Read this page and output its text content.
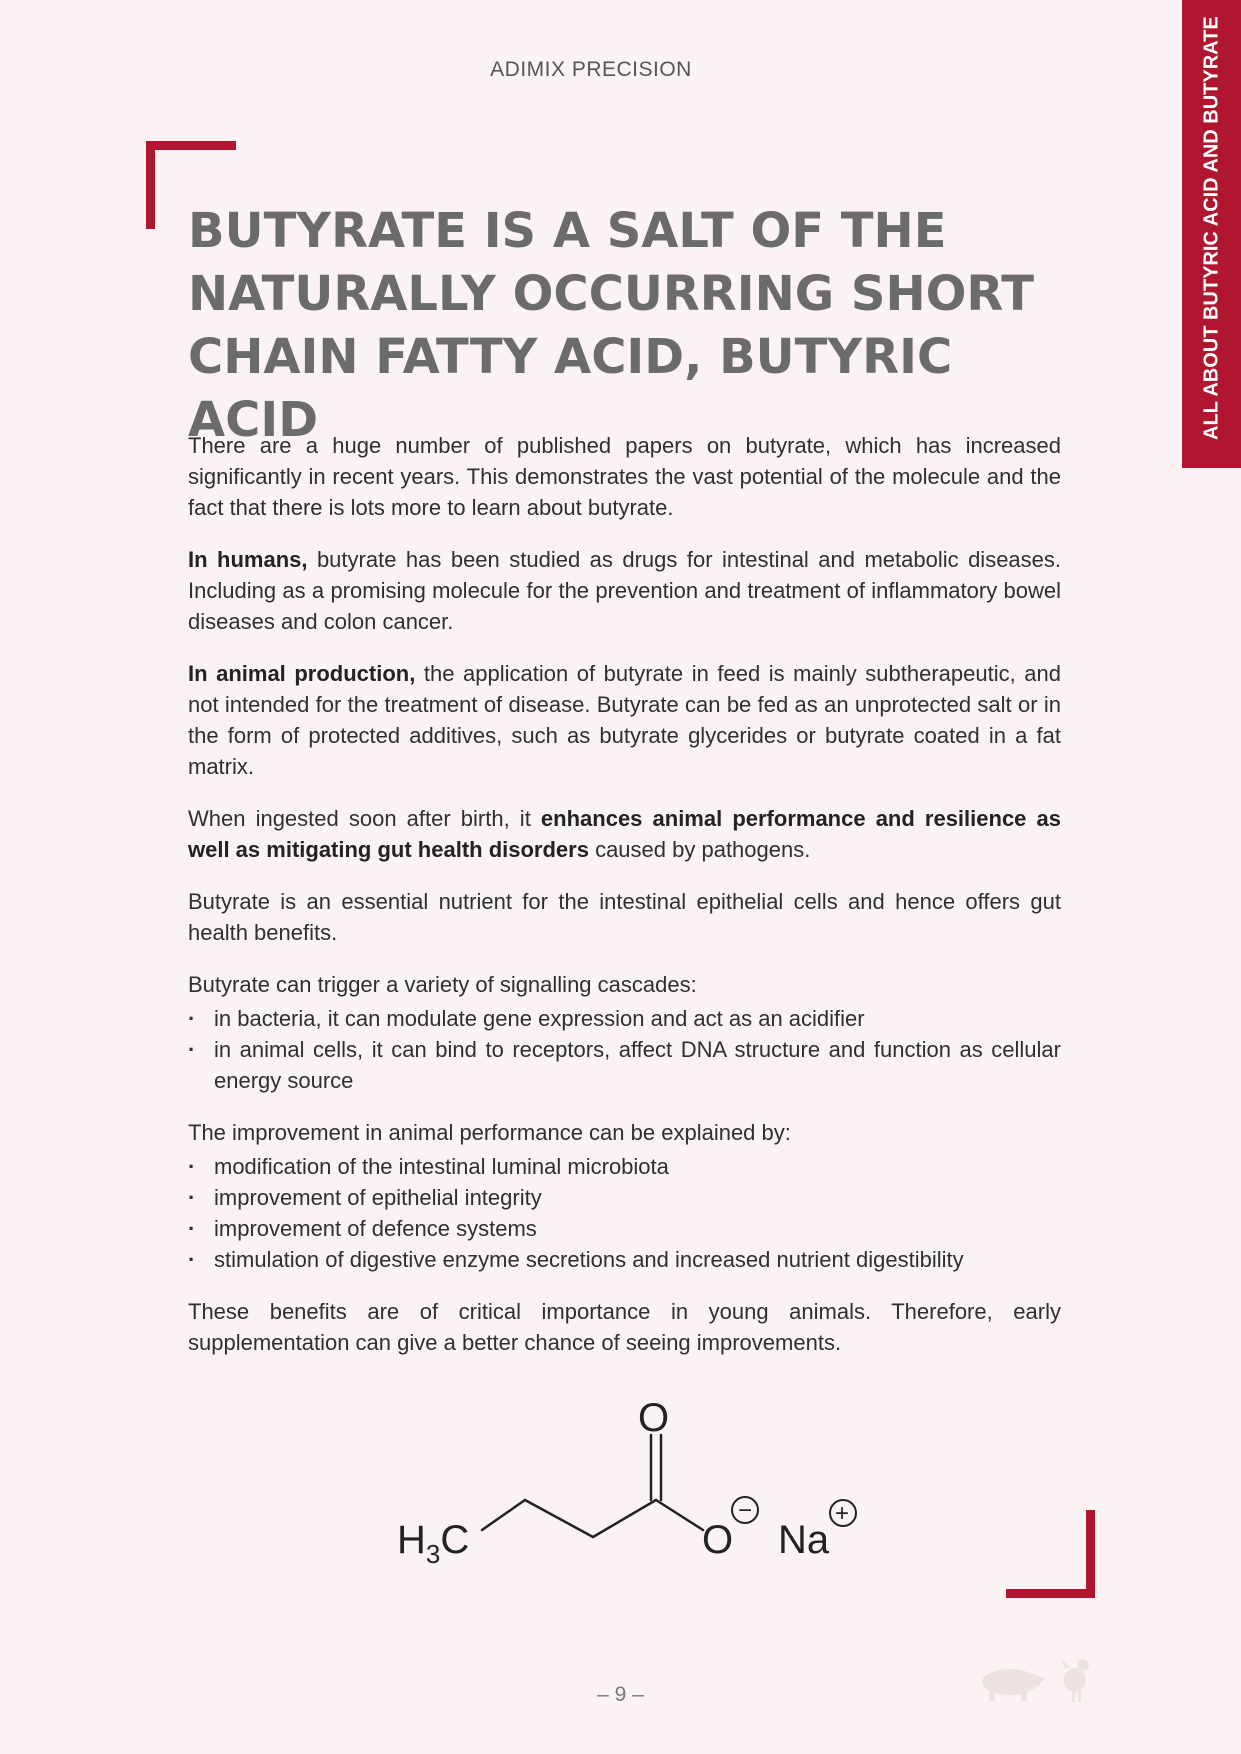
ADIMIX PRECISION	ALL ABOUT BUTYRIC ACID AND BUTYRATE
BUTYRATE IS A SALT OF THE
NATURALLY OCCURRING SHORT
CHAIN FATTY ACID, BUTYRIC ACID

There are a huge number of published papers on butyrate, which has increased significantly in recent years. This demonstrates the vast potential of the molecule and the fact that there is lots more to learn about butyrate.

In humans, butyrate has been studied as drugs for intestinal and metabolic diseases. Including as a promising molecule for the prevention and treatment of inflammatory bowel diseases and colon cancer.

In animal production, the application of butyrate in feed is mainly subtherapeutic, and not intended for the treatment of disease. Butyrate can be fed as an unprotected salt or in the form of protected additives, such as butyrate glycerides or butyrate coated in a fat matrix.

When ingested soon after birth, it enhances animal performance and resilience as well as mitigating gut health disorders caused by pathogens.

Butyrate is an essential nutrient for the intestinal epithelial cells and hence offers gut health benefits.

Butyrate can trigger a variety of signalling cascades:

· in bacteria, it can modulate gene expression and act as an acidifier
· in animal cells, it can bind to receptors, affect DNA structure and function as cellular energy source

The improvement in animal performance can be explained by:

· modification of the intestinal luminal microbiota
· improvement of epithelial integrity
· improvement of defence systems
· stimulation of digestive enzyme secretions and increased nutrient digestibility

These benefits are of critical importance in young animals. Therefore, early supplementation can give a better chance of seeing improvements.

$H_3C$
O
O
−
Na
+
– 9 –
